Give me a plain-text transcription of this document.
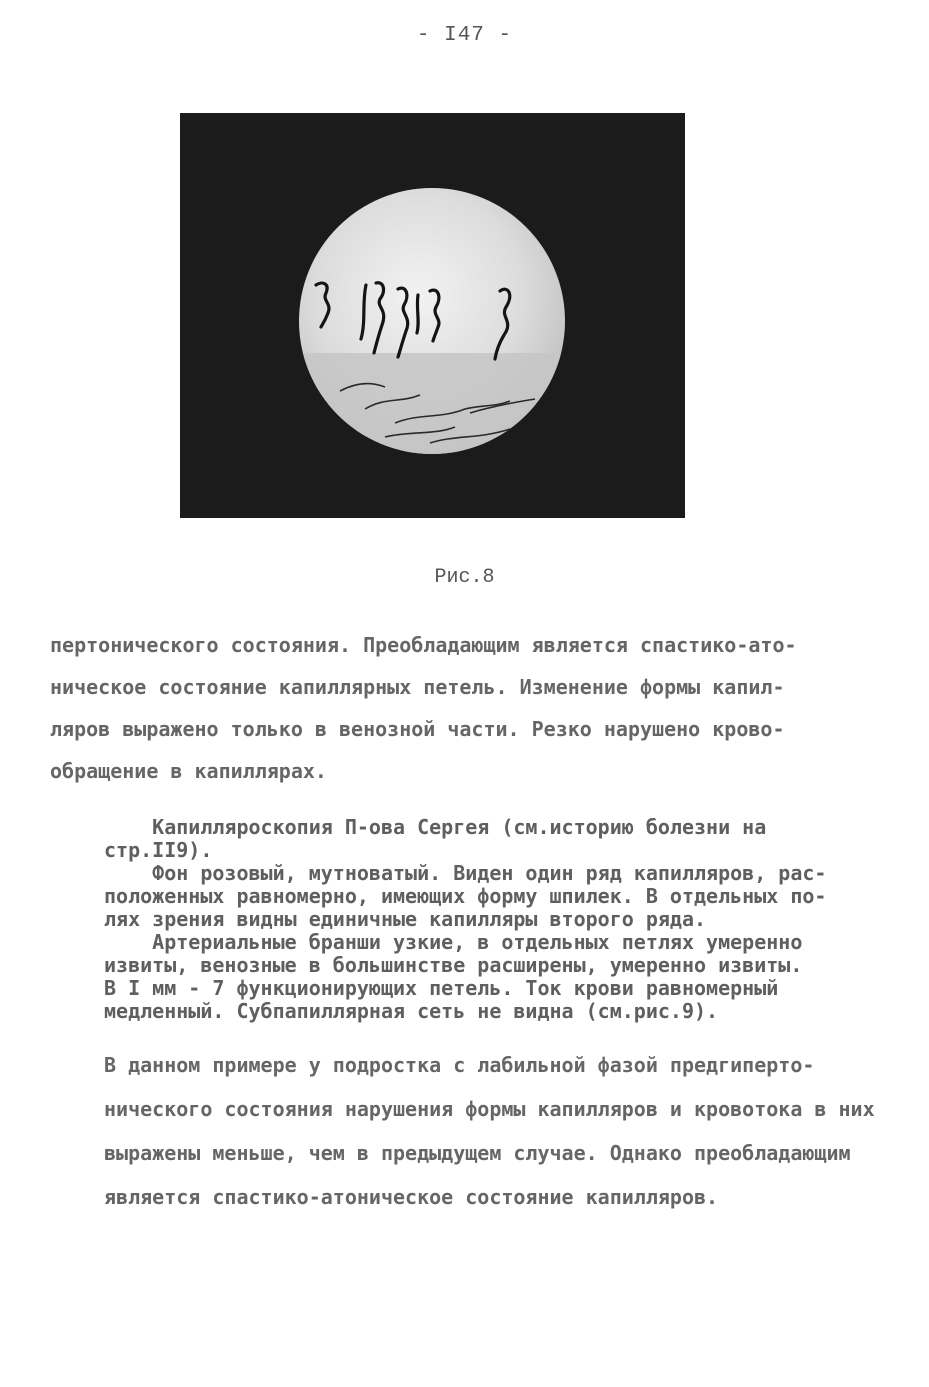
- I47 -
Рис.8
пертонического состояния. Преобладающим является спастико-ато-
ническое состояние капиллярных петель. Изменение формы капил-
ляров выражено только в венозной части. Резко нарушено крово-
обращение в капиллярах.
Капилляроскопия П-ова Сергея (см.историю болезни на
стр.II9).
Фон розовый, мутноватый. Виден один ряд капилляров, рас-
положенных равномерно, имеющих форму шпилек. В отдельных по-
лях зрения видны единичные капилляры второго ряда.
Артериальные бранши узкие, в отдельных петлях умеренно
извиты, венозные в большинстве расширены, умеренно извиты.
В I мм - 7 функционирующих петель. Ток крови равномерный
медленный. Субпапиллярная сеть не видна (см.рис.9).
В данном примере у подростка с лабильной фазой предгиперто-
нического состояния нарушения формы капилляров и кровотока в них
выражены меньше, чем в предыдущем случае. Однако преобладающим
является спастико-атоническое состояние капилляров.
